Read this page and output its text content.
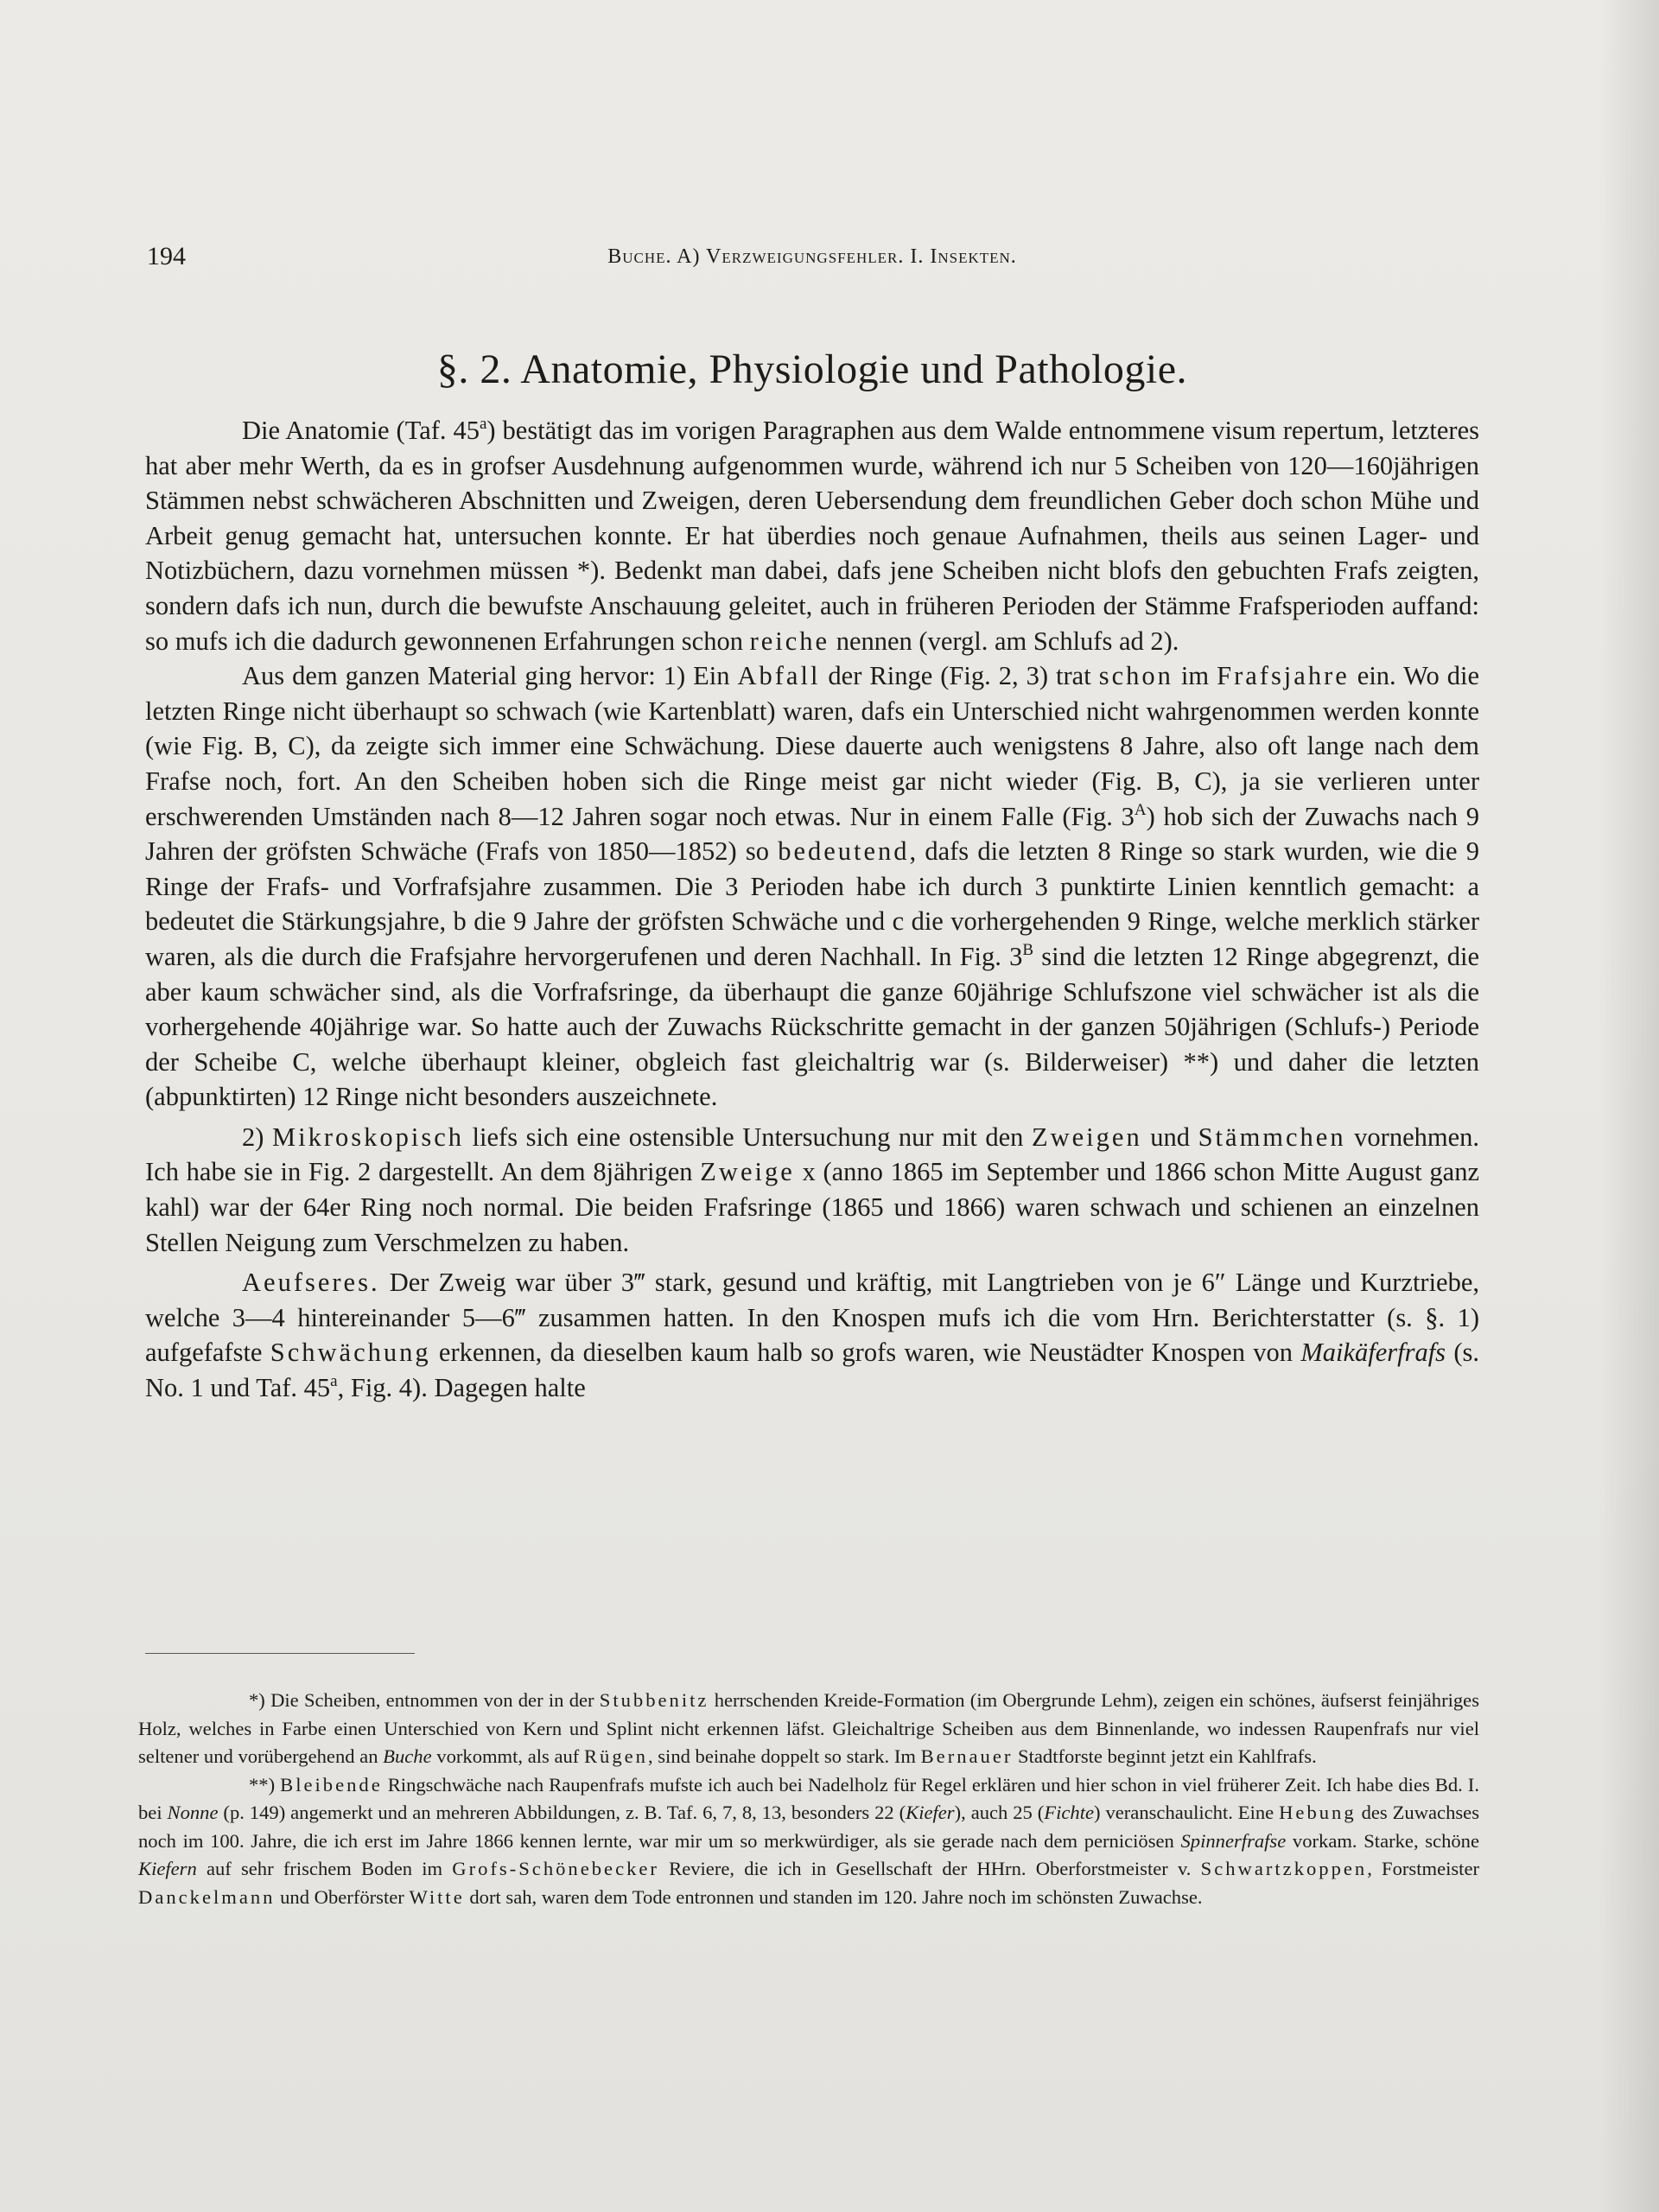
194	Buche. A) Verzweigungsfehler. I. Insekten.
§. 2. Anatomie, Physiologie und Pathologie.

Die Anatomie (Taf. 45$^a$) bestätigt das im vorigen Paragraphen aus dem Walde entnommene visum repertum, letzteres hat aber mehr Werth, da es in grofser Ausdehnung aufgenommen wurde, während ich nur 5 Scheiben von 120—160jährigen Stämmen nebst schwächeren Abschnitten und Zweigen, deren Uebersendung dem freundlichen Geber doch schon Mühe und Arbeit genug gemacht hat, untersuchen konnte. Er hat überdies noch genaue Aufnahmen, theils aus seinen Lager- und Notizbüchern, dazu vornehmen müssen *). Bedenkt man dabei, dafs jene Scheiben nicht blofs den gebuchten Frafs zeigten, sondern dafs ich nun, durch die bewufste Anschauung geleitet, auch in früheren Perioden der Stämme Frafsperioden auffand: so mufs ich die dadurch gewonnenen Erfahrungen schon reiche nennen (vergl. am Schlufs ad 2).

Aus dem ganzen Material ging hervor: 1) Ein Abfall der Ringe (Fig. 2, 3) trat schon im Frafsjahre ein. Wo die letzten Ringe nicht überhaupt so schwach (wie Kartenblatt) waren, dafs ein Unterschied nicht wahrgenommen werden konnte (wie Fig. B, C), da zeigte sich immer eine Schwächung. Diese dauerte auch wenigstens 8 Jahre, also oft lange nach dem Frafse noch, fort. An den Scheiben hoben sich die Ringe meist gar nicht wieder (Fig. B, C), ja sie verlieren unter erschwerenden Umständen nach 8—12 Jahren sogar noch etwas. Nur in einem Falle (Fig. $3^A$) hob sich der Zuwachs nach 9 Jahren der gröfsten Schwäche (Frafs von 1850—1852) so bedeutend, dafs die letzten 8 Ringe so stark wurden, wie die 9 Ringe der Frafs- und Vorfrafsjahre zusammen. Die 3 Perioden habe ich durch 3 punktirte Linien kenntlich gemacht: a bedeutet die Stärkungsjahre, b die 9 Jahre der gröfsten Schwäche und c die vorhergehenden 9 Ringe, welche merklich stärker waren, als die durch die Frafsjahre hervorgerufenen und deren Nachhall. In Fig. $3^B$ sind die letzten 12 Ringe abgegrenzt, die aber kaum schwächer sind, als die Vorfrafsringe, da überhaupt die ganze 60jährige Schlufszone viel schwächer ist als die vorhergehende 40jährige war. So hatte auch der Zuwachs Rückschritte gemacht in der ganzen 50jährigen (Schlufs-) Periode der Scheibe C, welche überhaupt kleiner, obgleich fast gleichaltrig war (s. Bilderweiser) **) und daher die letzten (abpunktirten) 12 Ringe nicht besonders auszeichnete.

2) Mikroskopisch liefs sich eine ostensible Untersuchung nur mit den Zweigen und Stämmchen vornehmen. Ich habe sie in Fig. 2 dargestellt. An dem 8jährigen Zweige x (anno 1865 im September und 1866 schon Mitte August ganz kahl) war der 64er Ring noch normal. Die beiden Frafsringe (1865 und 1866) waren schwach und schienen an einzelnen Stellen Neigung zum Verschmelzen zu haben.

Aeufseres. Der Zweig war über 3‴ stark, gesund und kräftig, mit Langtrieben von je 6″ Länge und Kurztriebe, welche 3—4 hintereinander 5—6‴ zusammen hatten. In den Knospen mufs ich die vom Hrn. Berichterstatter (s. §. 1) aufgefafste Schwächung erkennen, da dieselben kaum halb so grofs waren, wie Neustädter Knospen von Maikäferfrafs (s. No. 1 und Taf. 45$^a$, Fig. 4). Dagegen halte

*) Die Scheiben, entnommen von der in der Stubbenitz herrschenden Kreide-Formation (im Obergrunde Lehm), zeigen ein schönes, äufserst feinjähriges Holz, welches in Farbe einen Unterschied von Kern und Splint nicht erkennen läfst. Gleichaltrige Scheiben aus dem Binnenlande, wo indessen Raupenfrafs nur viel seltener und vorübergehend an Buche vorkommt, als auf Rügen, sind beinahe doppelt so stark. Im Bernauer Stadtforste beginnt jetzt ein Kahlfrafs.

**) Bleibende Ringschwäche nach Raupenfrafs mufste ich auch bei Nadelholz für Regel erklären und hier schon in viel früherer Zeit. Ich habe dies Bd. I. bei Nonne (p. 149) angemerkt und an mehreren Abbildungen, z. B. Taf. 6, 7, 8, 13, besonders 22 (Kiefer), auch 25 (Fichte) veranschaulicht. Eine Hebung des Zuwachses noch im 100. Jahre, die ich erst im Jahre 1866 kennen lernte, war mir um so merkwürdiger, als sie gerade nach dem perniciösen Spinnerfrafse vorkam. Starke, schöne Kiefern auf sehr frischem Boden im Grofs-Schönebecker Reviere, die ich in Gesellschaft der HHrn. Oberforstmeister v. Schwartzkoppen, Forstmeister Danckelmann und Oberförster Witte dort sah, waren dem Tode entronnen und standen im 120. Jahre noch im schönsten Zuwachse.
